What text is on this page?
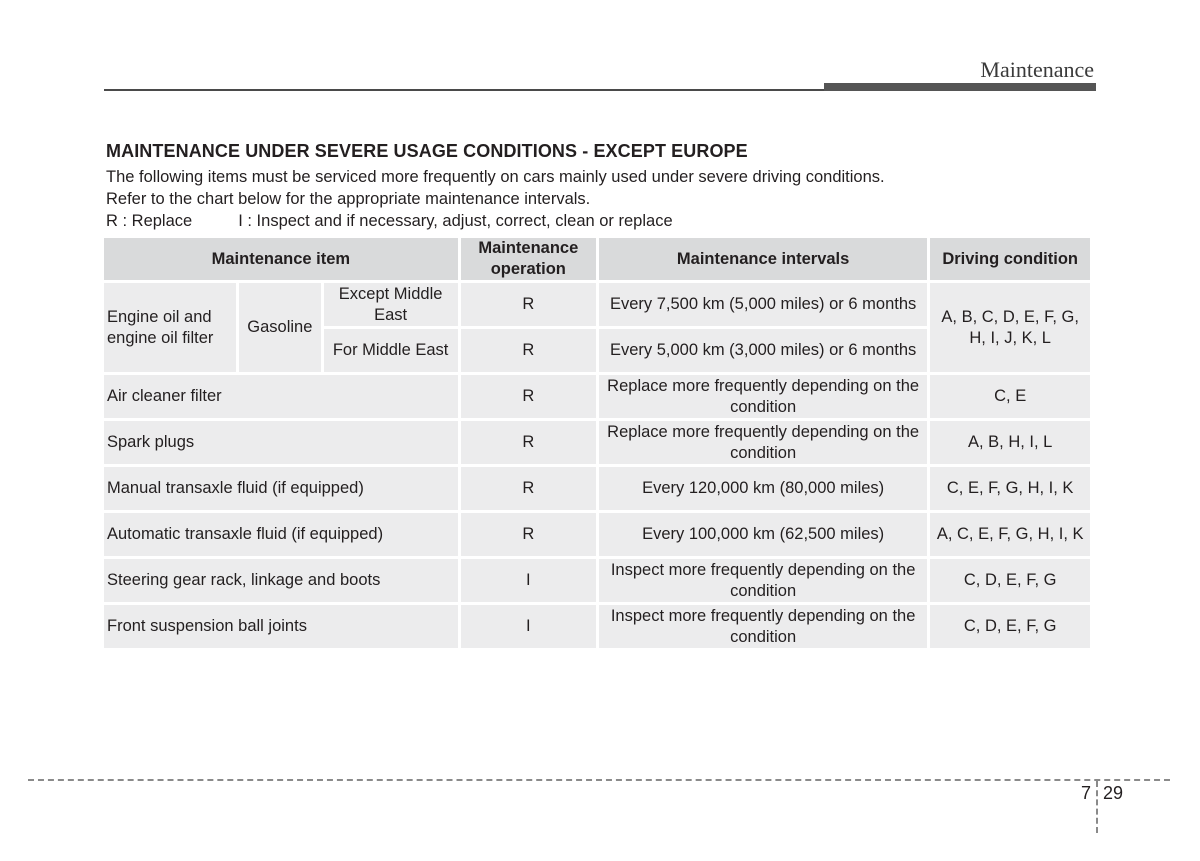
Maintenance
MAINTENANCE UNDER SEVERE USAGE CONDITIONS - EXCEPT EUROPE

The following items must be serviced more frequently on cars mainly used under severe driving conditions.

Refer to the chart below for the appropriate maintenance intervals.

R : Replace	I : Inspect and if necessary, adjust, correct, clean or replace

Maintenance item			Maintenance operation	Maintenance intervals	Driving condition
Engine oil and engine oil filter	Gasoline	Except Middle East	R	Every 7,500 km (5,000 miles) or 6 months	A, B, C, D, E, F, G, H, I, J, K, L
		For Middle East	R	Every 5,000 km (3,000 miles) or 6 months	
Air cleaner filter			R	Replace more frequently depending on the condition	C, E
Spark plugs			R	Replace more frequently depending on the condition	A, B, H, I, L
Manual transaxle fluid (if equipped)			R	Every 120,000 km (80,000 miles)	C, E, F, G, H, I, K
Automatic transaxle fluid (if equipped)			R	Every 100,000 km (62,500 miles)	A, C, E, F, G, H, I, K
Steering gear rack, linkage and boots			I	Inspect more frequently depending on the condition	C, D, E, F, G
Front suspension ball joints			I	Inspect more frequently depending on the condition	C, D, E, F, G
7 29
